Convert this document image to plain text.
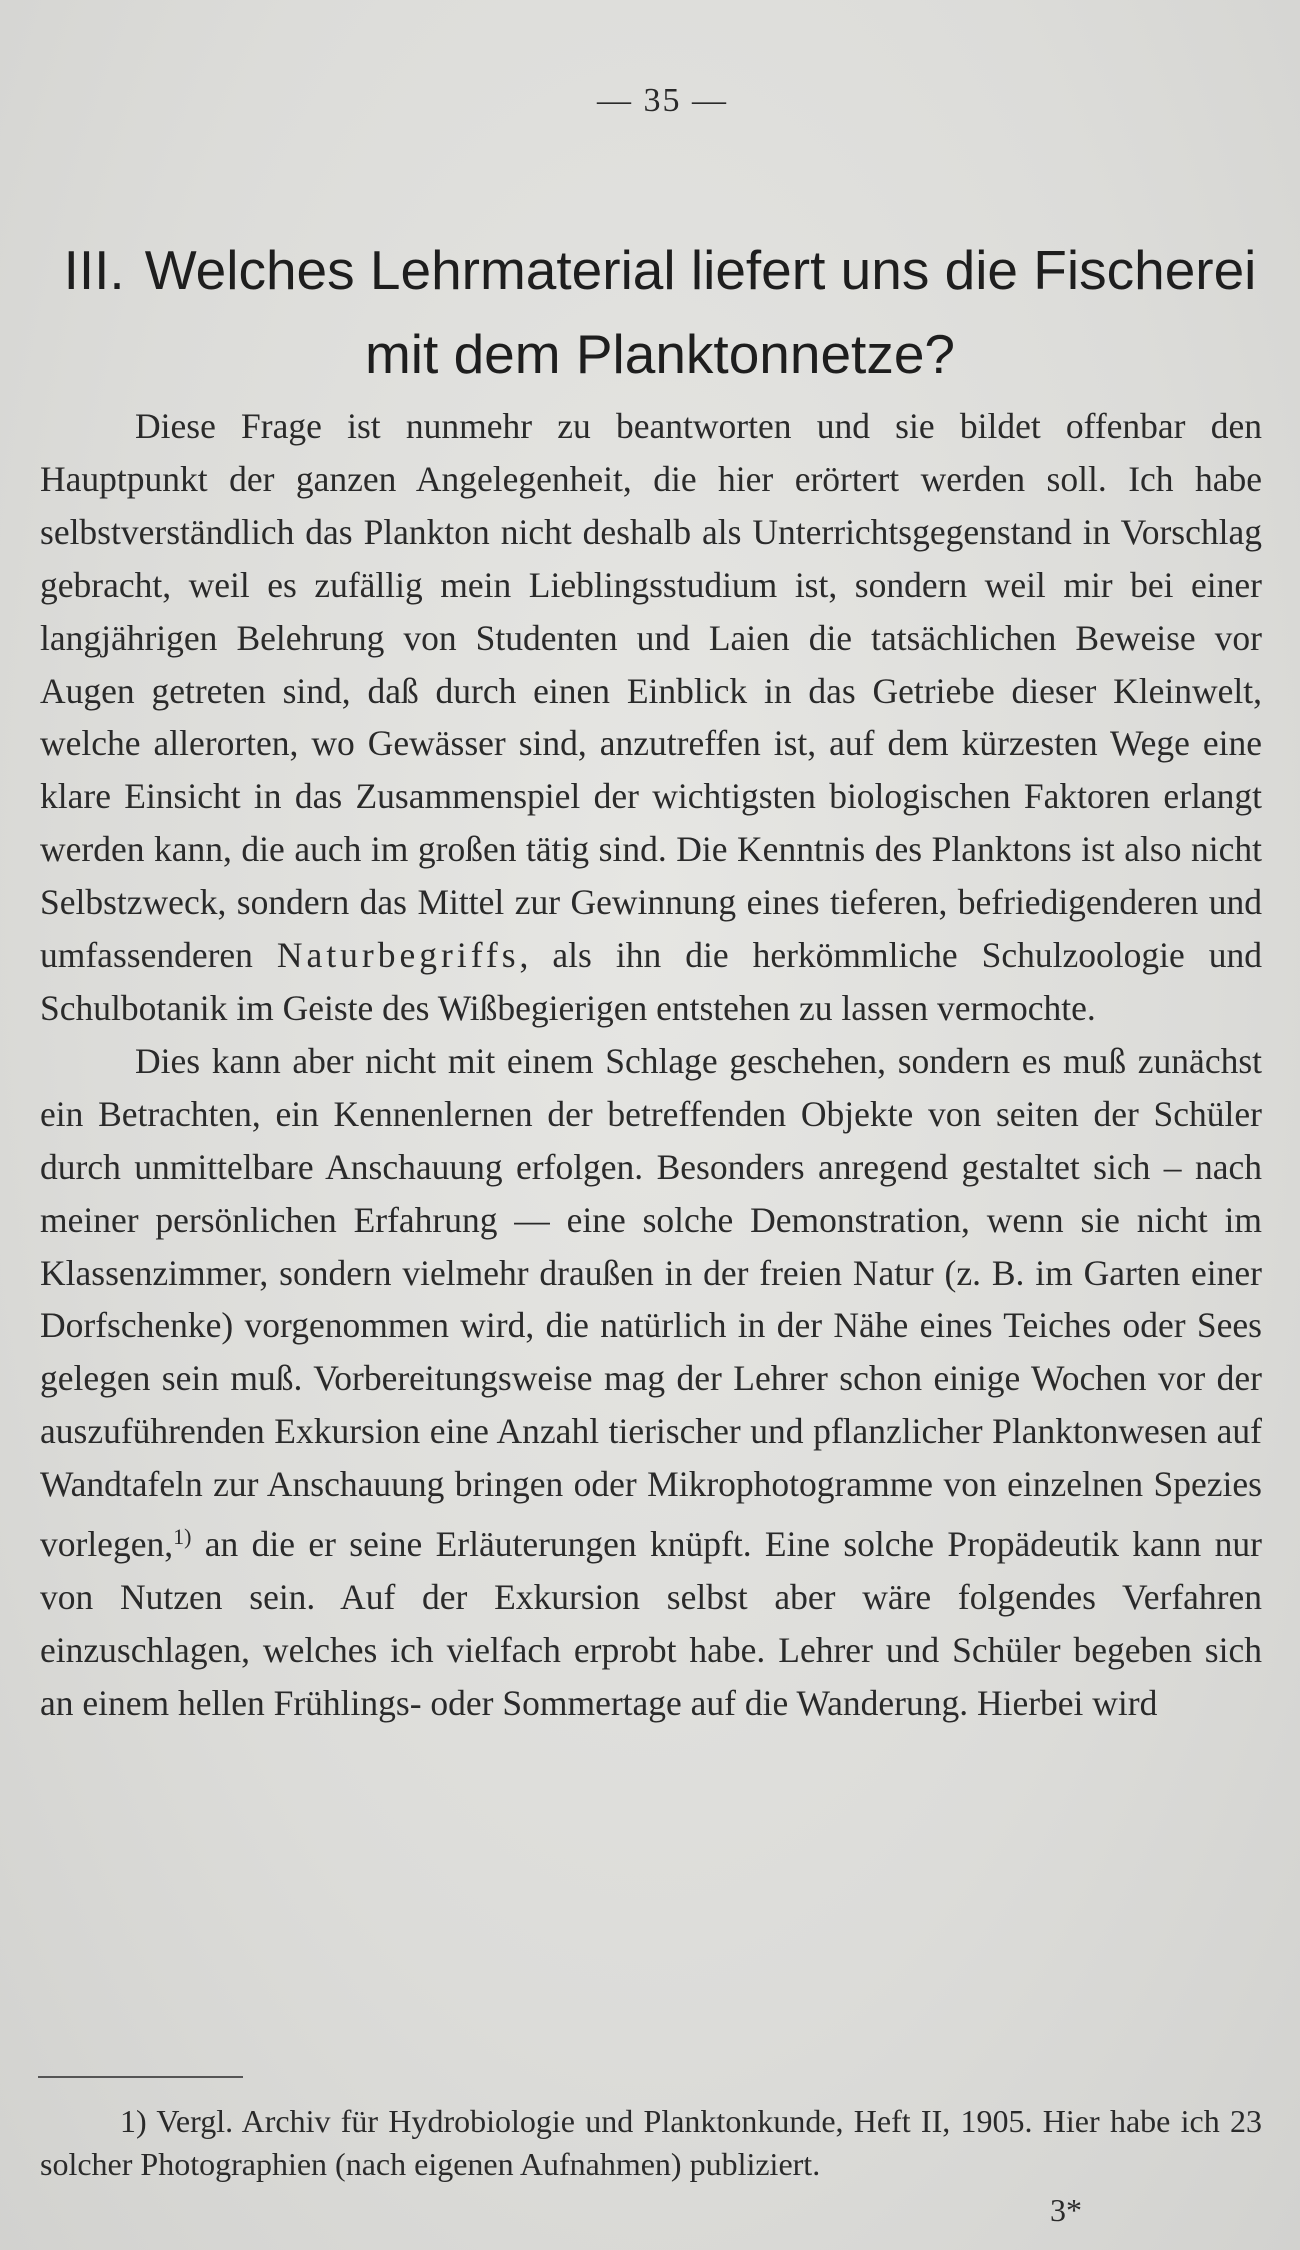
— 35 —
III. Welches Lehrmaterial liefert uns die Fischerei mit dem Planktonnetze?

Diese Frage ist nunmehr zu beantworten und sie bildet offenbar den Hauptpunkt der ganzen Angelegenheit, die hier erörtert werden soll. Ich habe selbstverständlich das Plankton nicht deshalb als Unterrichtsgegenstand in Vorschlag gebracht, weil es zufällig mein Lieblingsstudium ist, sondern weil mir bei einer langjährigen Belehrung von Studenten und Laien die tatsächlichen Beweise vor Augen getreten sind, daß durch einen Einblick in das Getriebe dieser Kleinwelt, welche allerorten, wo Gewässer sind, anzutreffen ist, auf dem kürzesten Wege eine klare Einsicht in das Zusammenspiel der wichtigsten biologischen Faktoren erlangt werden kann, die auch im großen tätig sind. Die Kenntnis des Planktons ist also nicht Selbstzweck, sondern das Mittel zur Gewinnung eines tieferen, befriedigenderen und umfassenderen Naturbegriffs, als ihn die herkömmliche Schulzoologie und Schulbotanik im Geiste des Wißbegierigen entstehen zu lassen vermochte.

Dies kann aber nicht mit einem Schlage geschehen, sondern es muß zunächst ein Betrachten, ein Kennenlernen der betreffenden Objekte von seiten der Schüler durch unmittelbare Anschauung erfolgen. Besonders anregend gestaltet sich – nach meiner persönlichen Erfahrung — eine solche Demonstration, wenn sie nicht im Klassenzimmer, sondern vielmehr draußen in der freien Natur (z. B. im Garten einer Dorfschenke) vorgenommen wird, die natürlich in der Nähe eines Teiches oder Sees gelegen sein muß. Vorbereitungsweise mag der Lehrer schon einige Wochen vor der auszuführenden Exkursion eine Anzahl tierischer und pflanzlicher Planktonwesen auf Wandtafeln zur Anschauung bringen oder Mikrophotogramme von einzelnen Spezies vorlegen,$^{1)}$ an die er seine Erläuterungen knüpft. Eine solche Propädeutik kann nur von Nutzen sein. Auf der Exkursion selbst aber wäre folgendes Verfahren einzuschlagen, welches ich vielfach erprobt habe. Lehrer und Schüler begeben sich an einem hellen Frühlings- oder Sommertage auf die Wanderung. Hierbei wird

1) Vergl. Archiv für Hydrobiologie und Planktonkunde, Heft II, 1905. Hier habe ich 23 solcher Photographien (nach eigenen Aufnahmen) publiziert.

3*
